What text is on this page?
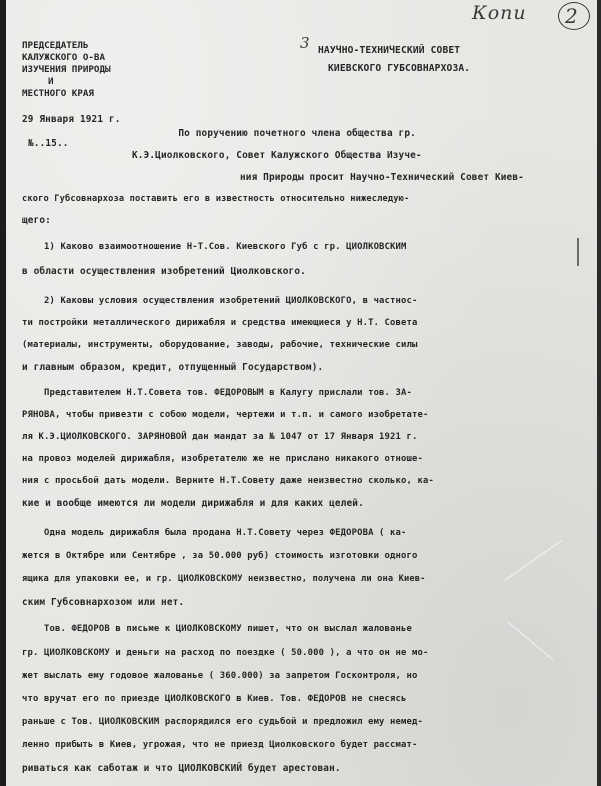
Копи 2
3
ПРЕДСЕДАТЕЛЬ
КАЛУЖСКОГО О-ВА
ИЗУЧЕНИЯ ПРИРОДЫ
И
МЕСТНОГО КРАЯ
29 Января 1921 г.
№..15..
НАУЧНО-ТЕХНИЧЕСКИЙ СОВЕТ
КИЕВСКОГО ГУБСОВНАРХОЗА.
По поручению почетного члена общества гр.
К.Э.Циолковского, Совет Калужского Общества Изуче-
ния Природы просит Научно-Технический Совет Киев-
ского Губсовнархоза поставить его в известность относительно нижеследую-
щего:
1) Каково взаимоотношение Н-Т.Сов. Киевского Губ с гр. ЦИОЛКОВСКИМ
в области осуществления изобретений Циолковского.
2) Каковы условия осуществления изобретений ЦИОЛКОВСКОГО, в частнос-
ти постройки металлического дирижабля и средства имеющиеся у Н.Т. Совета
(материалы, инструменты, оборудование, заводы, рабочие, технические силы
и главным образом, кредит, отпущенный Государством).
Представителем Н.Т.Совета тов. ФЕДОРОВЫМ в Калугу прислали тов. ЗА-
РЯНОВА, чтобы привезти с собою модели, чертежи и т.п. и самого изобретате-
ля К.Э.ЦИОЛКОВСКОГО. ЗАРЯНОВОЙ дан мандат за № 1047 от 17 Января 1921 г.
на провоз моделей дирижабля, изобретателю же не прислано никакого отноше-
ния с просьбой дать модели. Верните Н.Т.Совету даже неизвестно сколько, ка-
кие и вообще имеются ли модели дирижабля и для каких целей.
Одна модель дирижабля была продана Н.Т.Совету через ФЕДОРОВА ( ка-
жется в Октябре или Сентябре , за 50.000 руб) стоимость изготовки одного
ящика для упаковки ее, и гр. ЦИОЛКОВСКОМУ неизвестно, получена ли она Киев-
ским Губсовнархозом или нет.
Тов. ФЕДОРОВ в письме к ЦИОЛКОВСКОМУ пишет, что он выслал жалованье
гр. ЦИОЛКОВСКОМУ и деньги на расход по поездке ( 50.000 ), а что он не мо-
жет выслать ему годовое жалованье ( 360.000) за запретом Госконтроля, но
что вручат его по приезде ЦИОЛКОВСКОГО в Киев. Тов. ФЕДОРОВ не снесясь
раньше с Тов. ЦИОЛКОВСКИМ распорядился его судьбой и предложил ему немед-
ленно прибыть в Киев, угрожая, что не приезд Циолковского будет рассмат-
риваться как саботаж и что ЦИОЛКОВСКИЙ будет арестован.
